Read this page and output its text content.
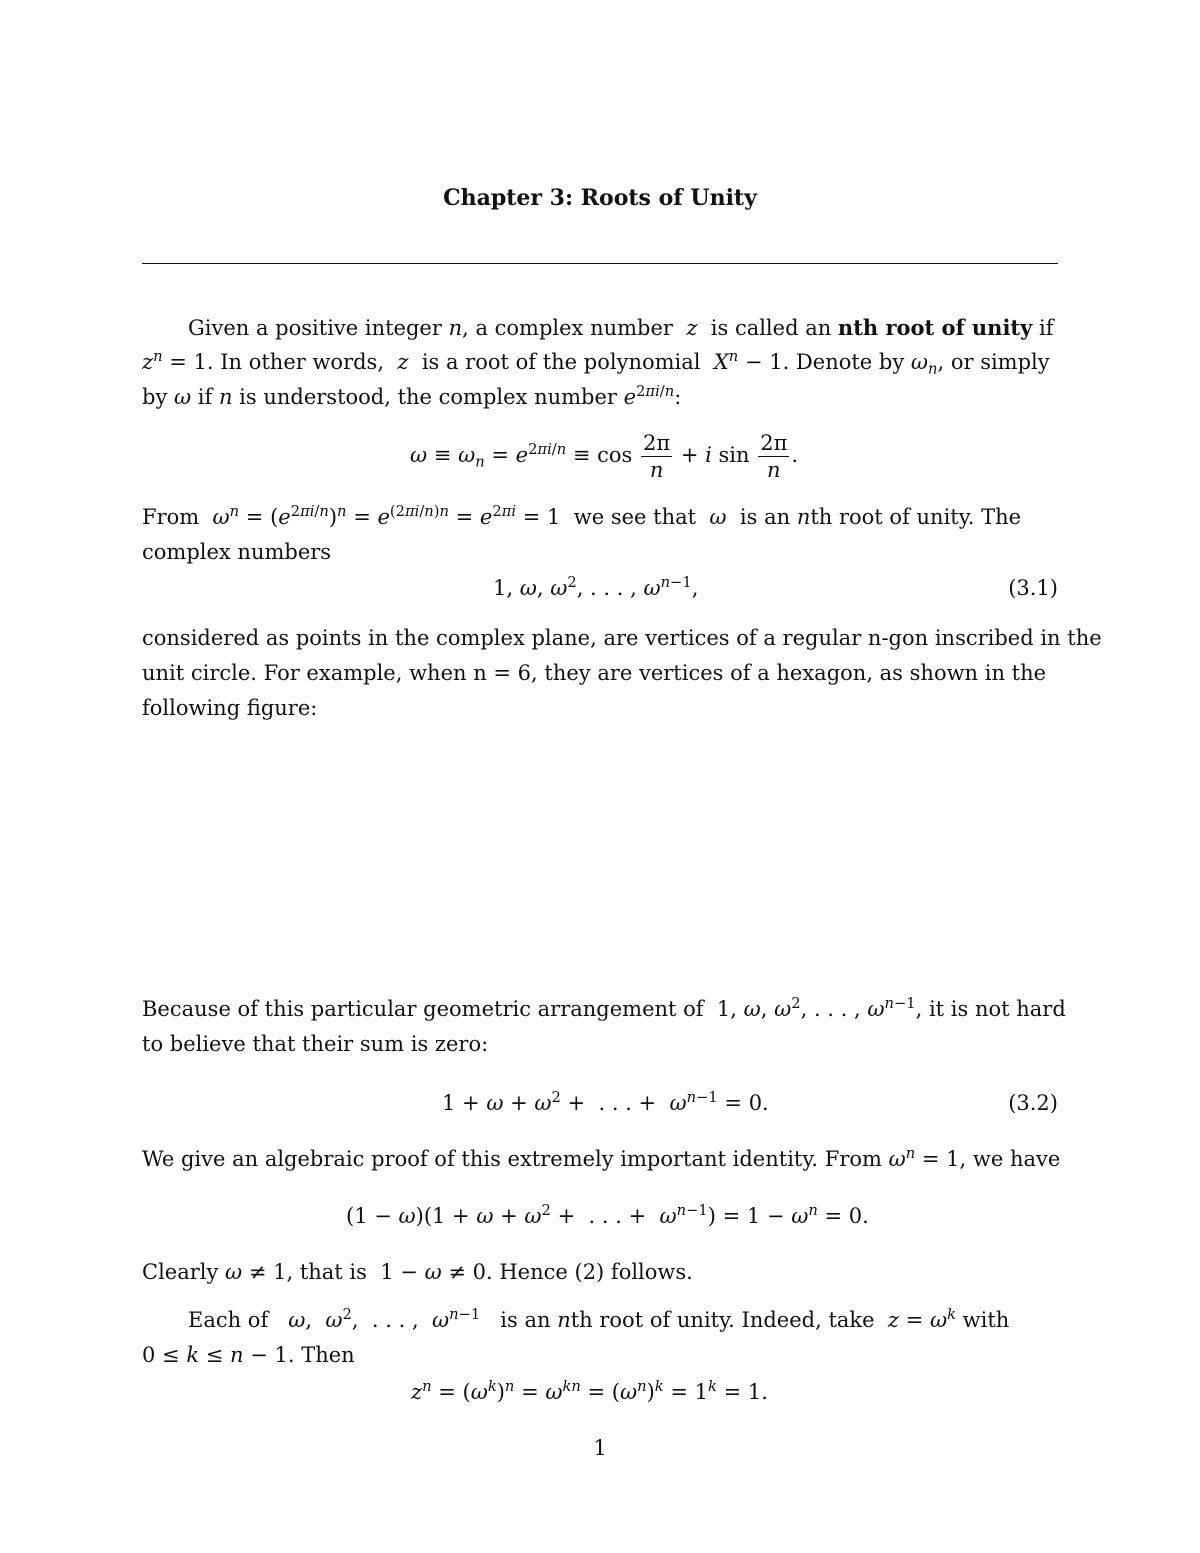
Chapter 3: Roots of Unity
Given a positive integer n, a complex number  z  is called an nth root of unity if
$z^n = 1$. In other words,  z  is a root of the polynomial  $X^n - 1$. Denote by $\omega_n$, or simply
by ω if n is understood, the complex number $e^{2\pi i/n}$:
$\omega \equiv \omega_n = e^{2\pi i/n} \equiv \cos \frac{2\pi}{n} + i$ $\sin \frac{2\pi}{n}$ .
From  $\omega^n = (e^{2\pi i/n})^n = e^{(2\pi i/n)n} = e^{2\pi i} = 1$  we see that  ω  is an nth root of unity. The
complex numbers
1, ω, $\omega^2$, . . . , $\omega^{n-1}$,	(3.1)
considered as points in the complex plane, are vertices of a regular n-gon inscribed in the
unit circle. For example, when n = 6, they are vertices of a hexagon, as shown in the
following figure:
Because of this particular geometric arrangement of  1, ω, $\omega^2$, . . . , $\omega^{n-1}$, it is not hard
to believe that their sum is zero:
$1 + \omega + \omega^2$ +  . . . +  $\omega^{n-1} = 0$.	(3.2)
We give an algebraic proof of this extremely important identity. From $\omega^n = 1$, we have
$(1 - \omega)(1 + \omega + \omega^2$ +  . . . +  $\omega^{n-1}) = 1 - \omega^n = 0$.
Clearly ω ≠ 1, that is  1 − ω ≠ 0. Hence (2) follows.
Each of   ω,  $\omega^2$,  . . . ,  $\omega^{n-1}$   is an nth root of unity. Indeed, take  $z = \omega^k$ with
0 ≤ k ≤ n − 1. Then
$z^n = (\omega^k)^n = \omega^{kn} = (\omega^n)^k = 1^k = 1$.
1
